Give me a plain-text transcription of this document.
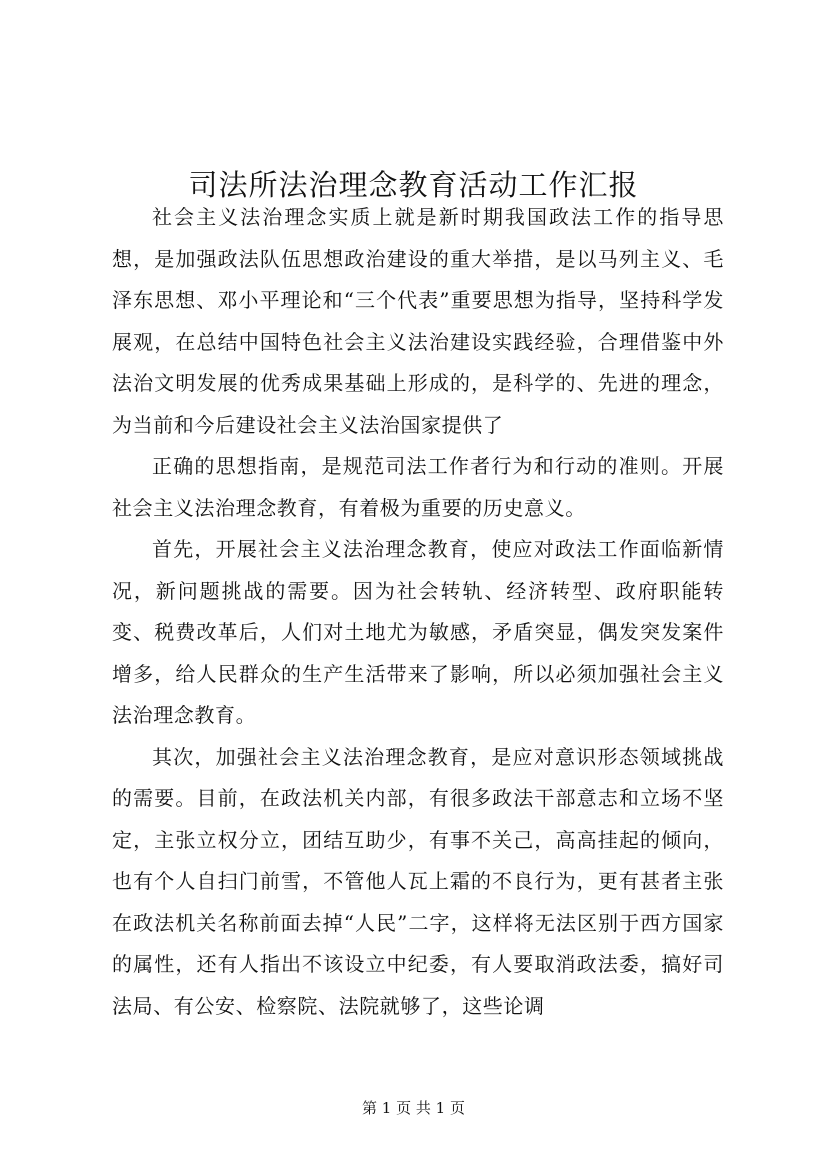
司法所法治理念教育活动工作汇报

社会主义法治理念实质上就是新时期我国政法工作的指导思想，是加强政法队伍思想政治建设的重大举措，是以马列主义、毛泽东思想、邓小平理论和“三个代表”重要思想为指导，坚持科学发展观，在总结中国特色社会主义法治建设实践经验，合理借鉴中外法治文明发展的优秀成果基础上形成的，是科学的、先进的理念，为当前和今后建设社会主义法治国家提供了

正确的思想指南，是规范司法工作者行为和行动的准则。开展社会主义法治理念教育，有着极为重要的历史意义。

首先，开展社会主义法治理念教育，使应对政法工作面临新情况，新问题挑战的需要。因为社会转轨、经济转型、政府职能转变、税费改革后，人们对土地尤为敏感，矛盾突显，偶发突发案件增多，给人民群众的生产生活带来了影响，所以必须加强社会主义法治理念教育。

其次，加强社会主义法治理念教育，是应对意识形态领域挑战的需要。目前，在政法机关内部，有很多政法干部意志和立场不坚定，主张立权分立，团结互助少，有事不关己，高高挂起的倾向，也有个人自扫门前雪，不管他人瓦上霜的不良行为，更有甚者主张在政法机关名称前面去掉“人民”二字，这样将无法区别于西方国家的属性，还有人指出不该设立中纪委，有人要取消政法委，搞好司法局、有公安、检察院、法院就够了，这些论调

第 1 页 共 1 页
